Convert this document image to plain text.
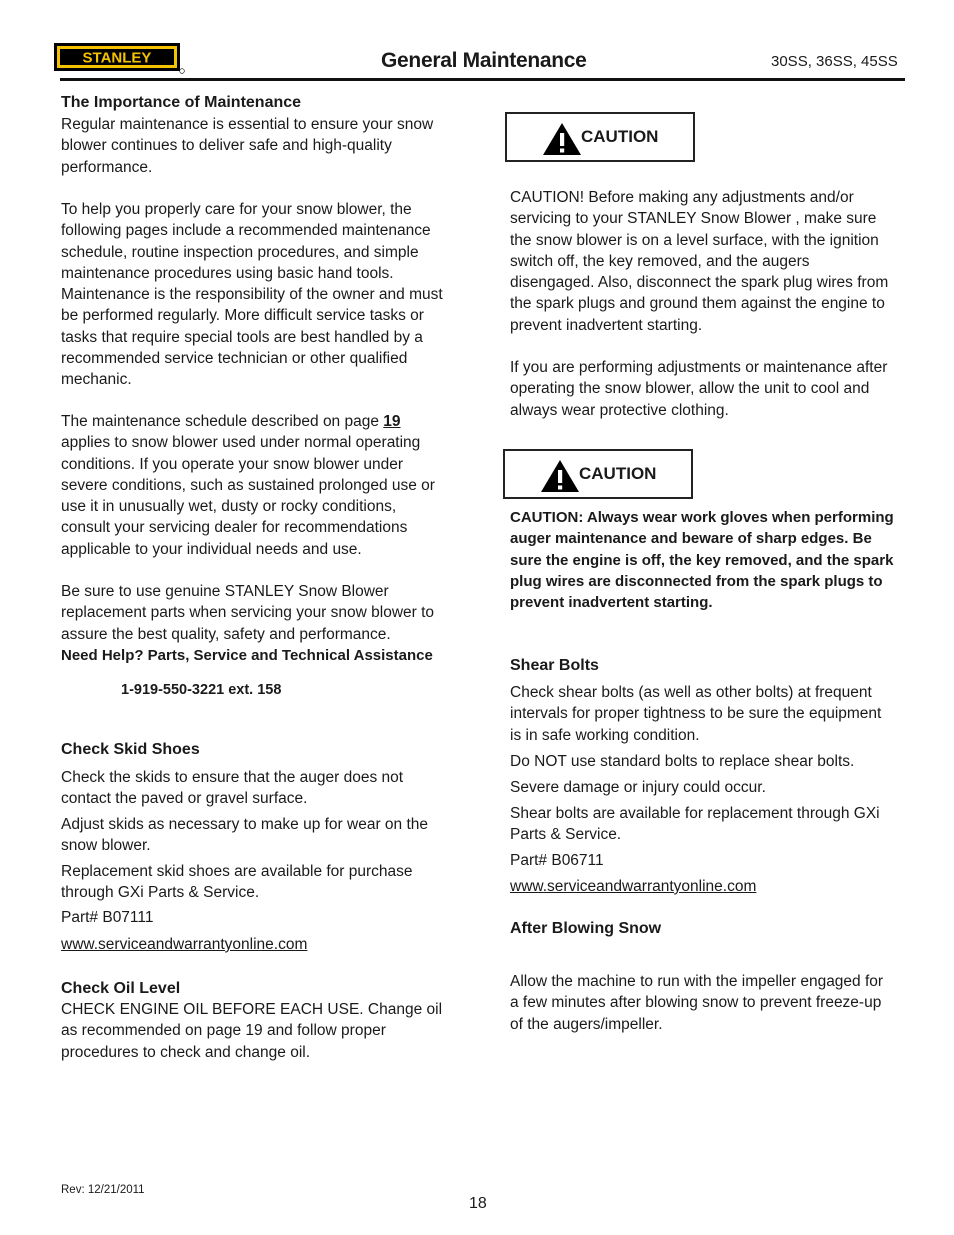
STANLEY	General Maintenance	30SS, 36SS, 45SS
The Importance of Maintenance
Regular maintenance is essential to ensure your snow blower continues to deliver safe and high-quality performance.
To help you properly care for your snow blower, the following pages include a recommended maintenance schedule, routine inspection procedures, and simple maintenance procedures using basic hand tools. Maintenance is the responsibility of the owner and must be performed regularly. More difficult service tasks or tasks that require special tools are best handled by a recommended service technician or other qualified mechanic.
The maintenance schedule described on page 19 applies to snow blower used under normal operating conditions. If you operate your snow blower under severe conditions, such as sustained prolonged use or use it in unusually wet, dusty or rocky conditions, consult your servicing dealer for recommendations applicable to your individual needs and use.
Be sure to use genuine STANLEY Snow Blower replacement parts when servicing your snow blower to assure the best quality, safety and performance.
Need Help? Parts, Service and Technical Assistance
1-919-550-3221 ext. 158
Check Skid Shoes
Check the skids to ensure that the auger does not contact the paved or gravel surface.
Adjust skids as necessary to make up for wear on the snow blower.
Replacement skid shoes are available for purchase through GXi Parts & Service.
Part# B07111
www.serviceandwarrantyonline.com
Check Oil Level
CHECK ENGINE OIL BEFORE EACH USE. Change oil as recommended on page 19 and follow proper procedures to check and change oil.
CAUTION
CAUTION! Before making any adjustments and/or servicing to your STANLEY Snow Blower , make sure the snow blower is on a level surface, with the ignition switch off, the key removed, and the augers disengaged. Also, disconnect the spark plug wires from the spark plugs and ground them against the engine to prevent inadvertent starting.
If you are performing adjustments or maintenance after operating the snow blower, allow the unit to cool and always wear protective clothing.
CAUTION
CAUTION: Always wear work gloves when performing auger maintenance and beware of sharp edges. Be sure the engine is off, the key removed, and the spark plug wires are disconnected from the spark plugs to prevent inadvertent starting.
Shear Bolts
Check shear bolts (as well as other bolts) at frequent intervals for proper tightness to be sure the equipment is in safe working condition.
Do NOT use standard bolts to replace shear bolts.
Severe damage or injury could occur.
Shear bolts are available for replacement through GXi Parts & Service.
Part# B06711
www.serviceandwarrantyonline.com
After Blowing Snow
Allow the machine to run with the impeller engaged for a few minutes after blowing snow to prevent freeze-up of the augers/impeller.
Rev: 12/21/2011
18
